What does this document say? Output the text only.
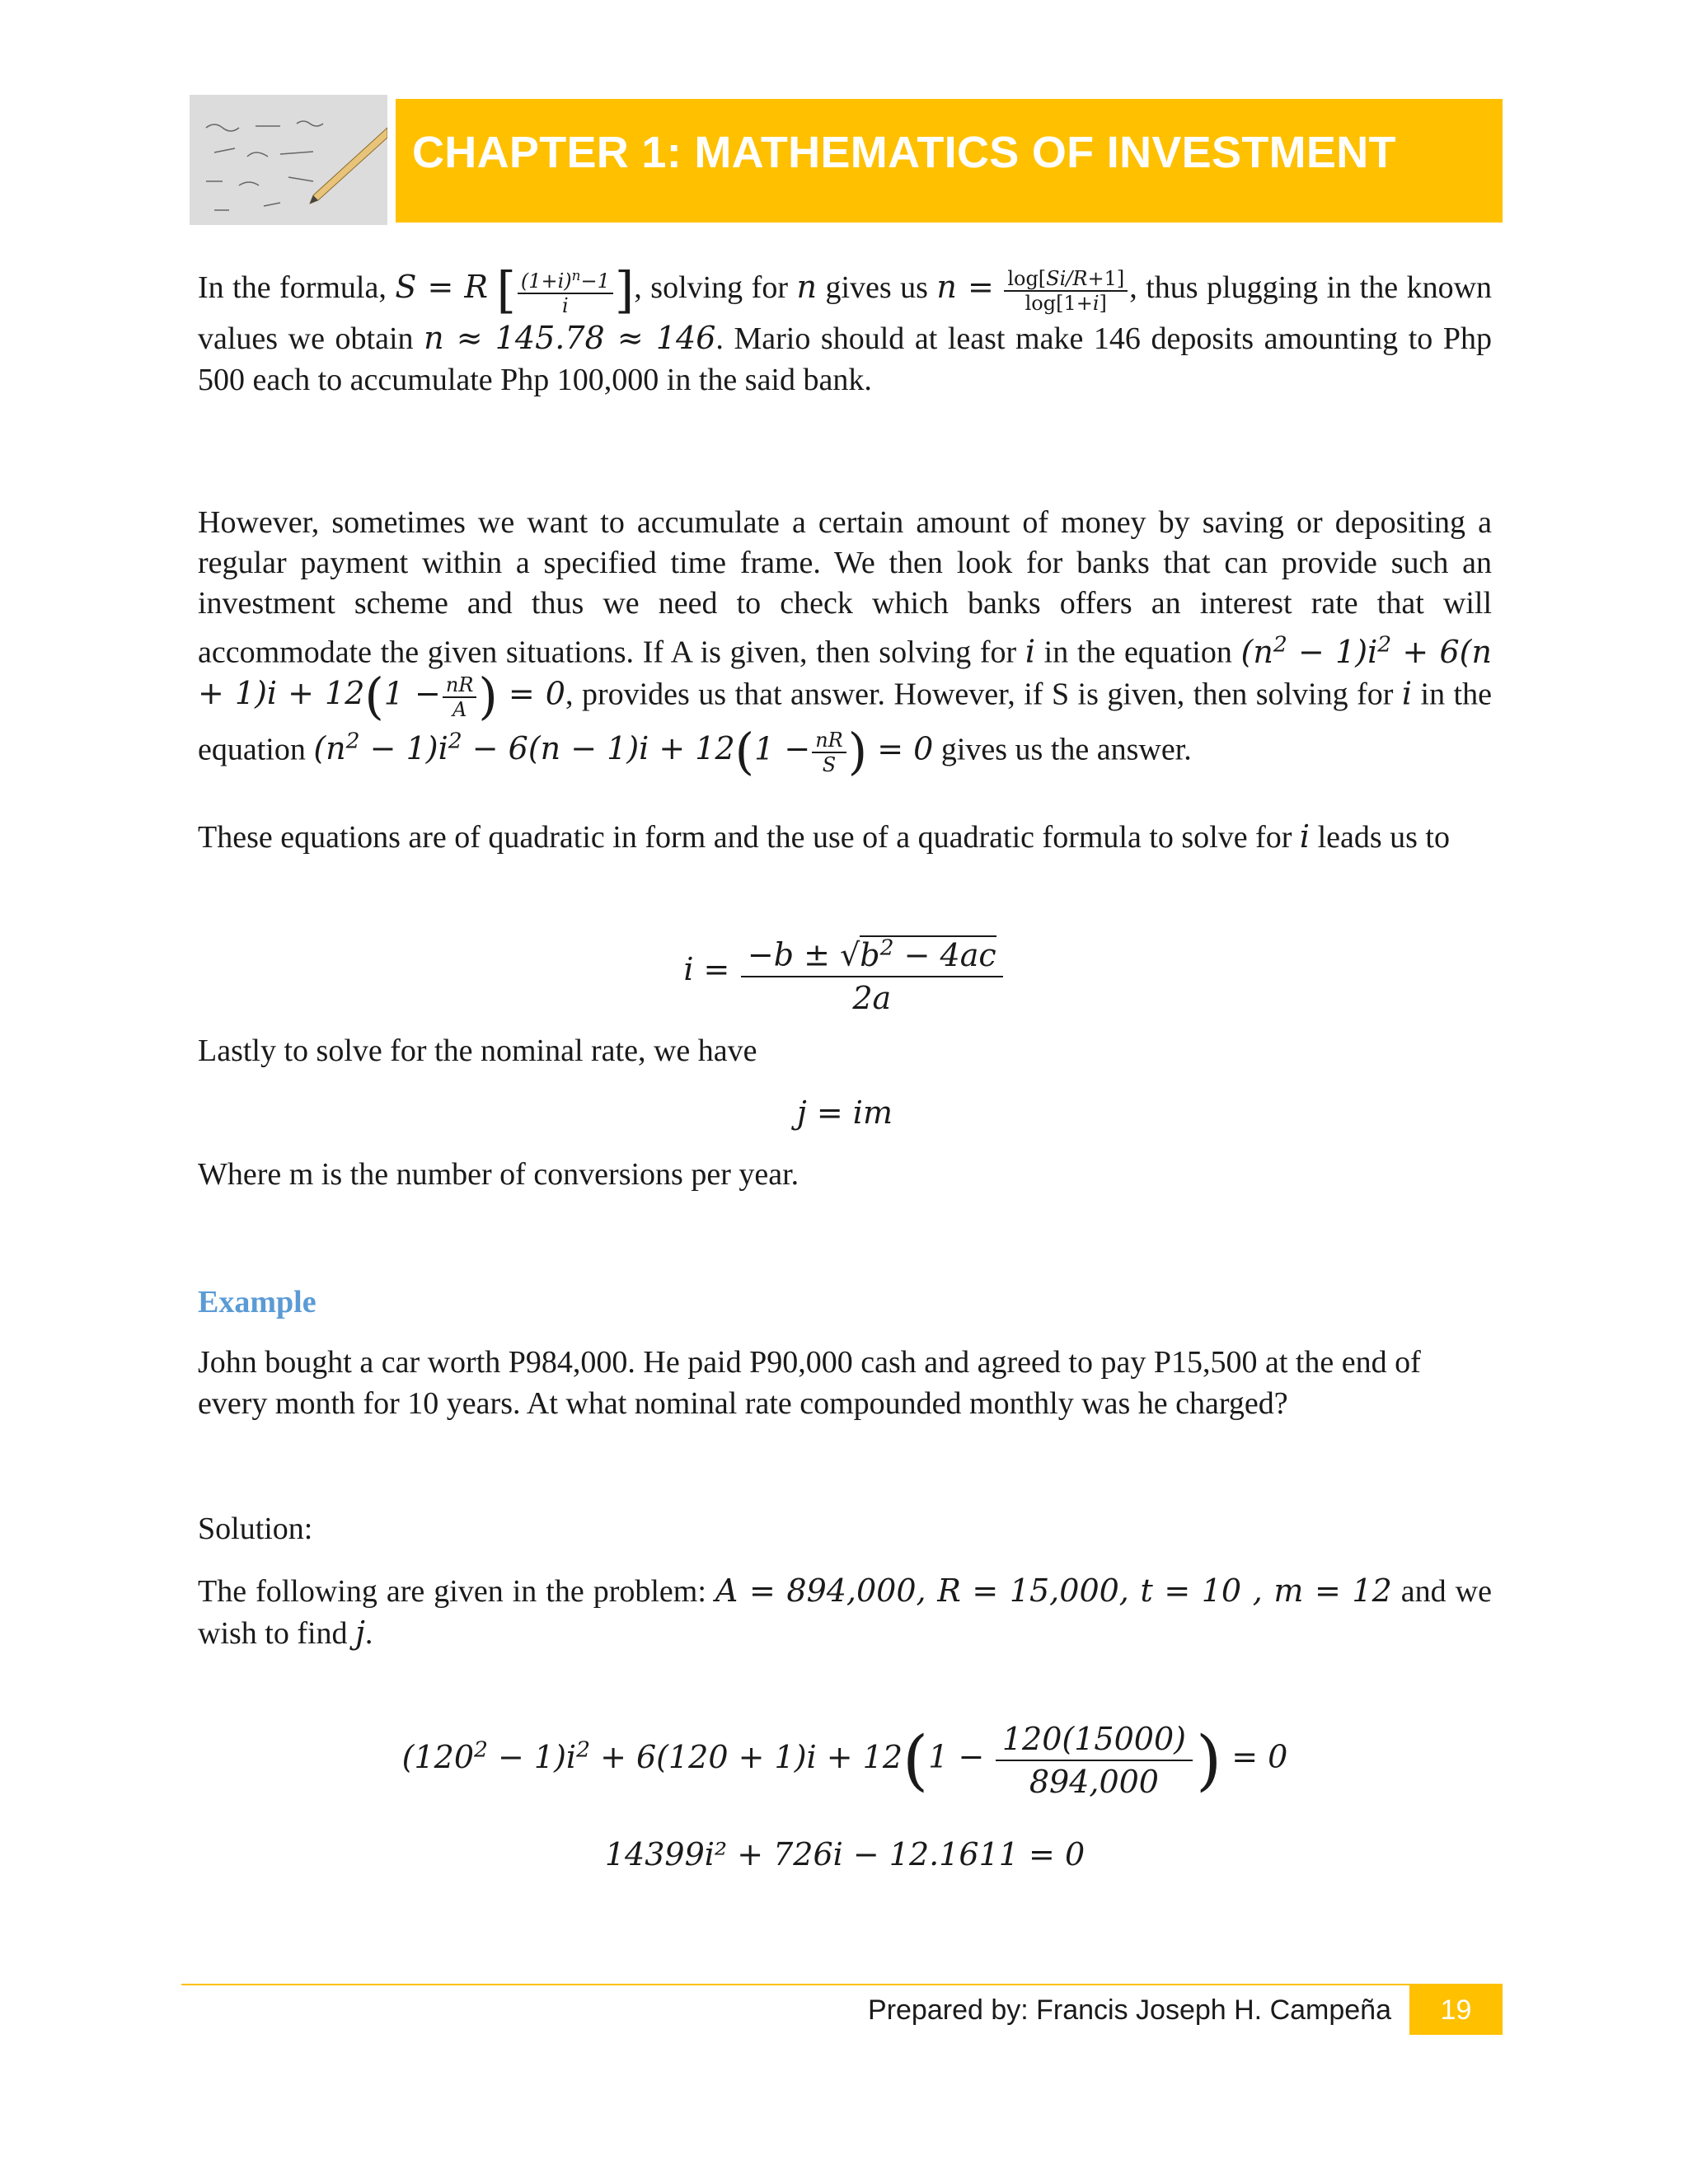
CHAPTER 1: MATHEMATICS OF INVESTMENT

In the formula, S = R [ $\frac{(1+i)^n-1}{i}$ ], solving for n gives us $n = \frac{\log[Si/R+1]}{\log[1+i]}$ , thus plugging in the known values we obtain n ≈ 145.78 ≈ 146. Mario should at least make 146 deposits amounting to Php 500 each to accumulate Php 100,000 in the said bank.

However, sometimes we want to accumulate a certain amount of money by saving or depositing a regular payment within a specified time frame. We then look for banks that can provide such an investment scheme and thus we need to check which banks offers an interest rate that will accommodate the given situations. If A is given, then solving for i in the equation $(n^2 - 1)i^2 + 6(n + 1)i + 12(1 - \frac{nR}{A}$ ) = 0, provides us that answer. However, if S is given, then solving for i in the equation $(n^2 - 1)i^2 - 6(n - 1)i + 12(1 - \frac{nR}{S}$ ) = 0 gives us the answer.

These equations are of quadratic in form and the use of a quadratic formula to solve for i leads us to

$i = \frac{-b \pm √b^2 - 4ac}{2a}$
Lastly to solve for the nominal rate, we have
j = im
Where m is the number of conversions per year.
Example
John bought a car worth P984,000. He paid P90,000 cash and agreed to pay P15,500 at the end of every month for 10 years. At what nominal rate compounded monthly was he charged?
Solution:

The following are given in the problem: A = 894,000, R = 15,000, t = 10 , m = 12 and we wish to find j.

$(120^2 - 1)i^2 + 6(120 + 1)i + 12(1 - \frac{120(15000)}{894,000}$ ) = 0
14399i² + 726i − 12.1611 = 0
Prepared by: Francis Joseph H. Campeña	19
